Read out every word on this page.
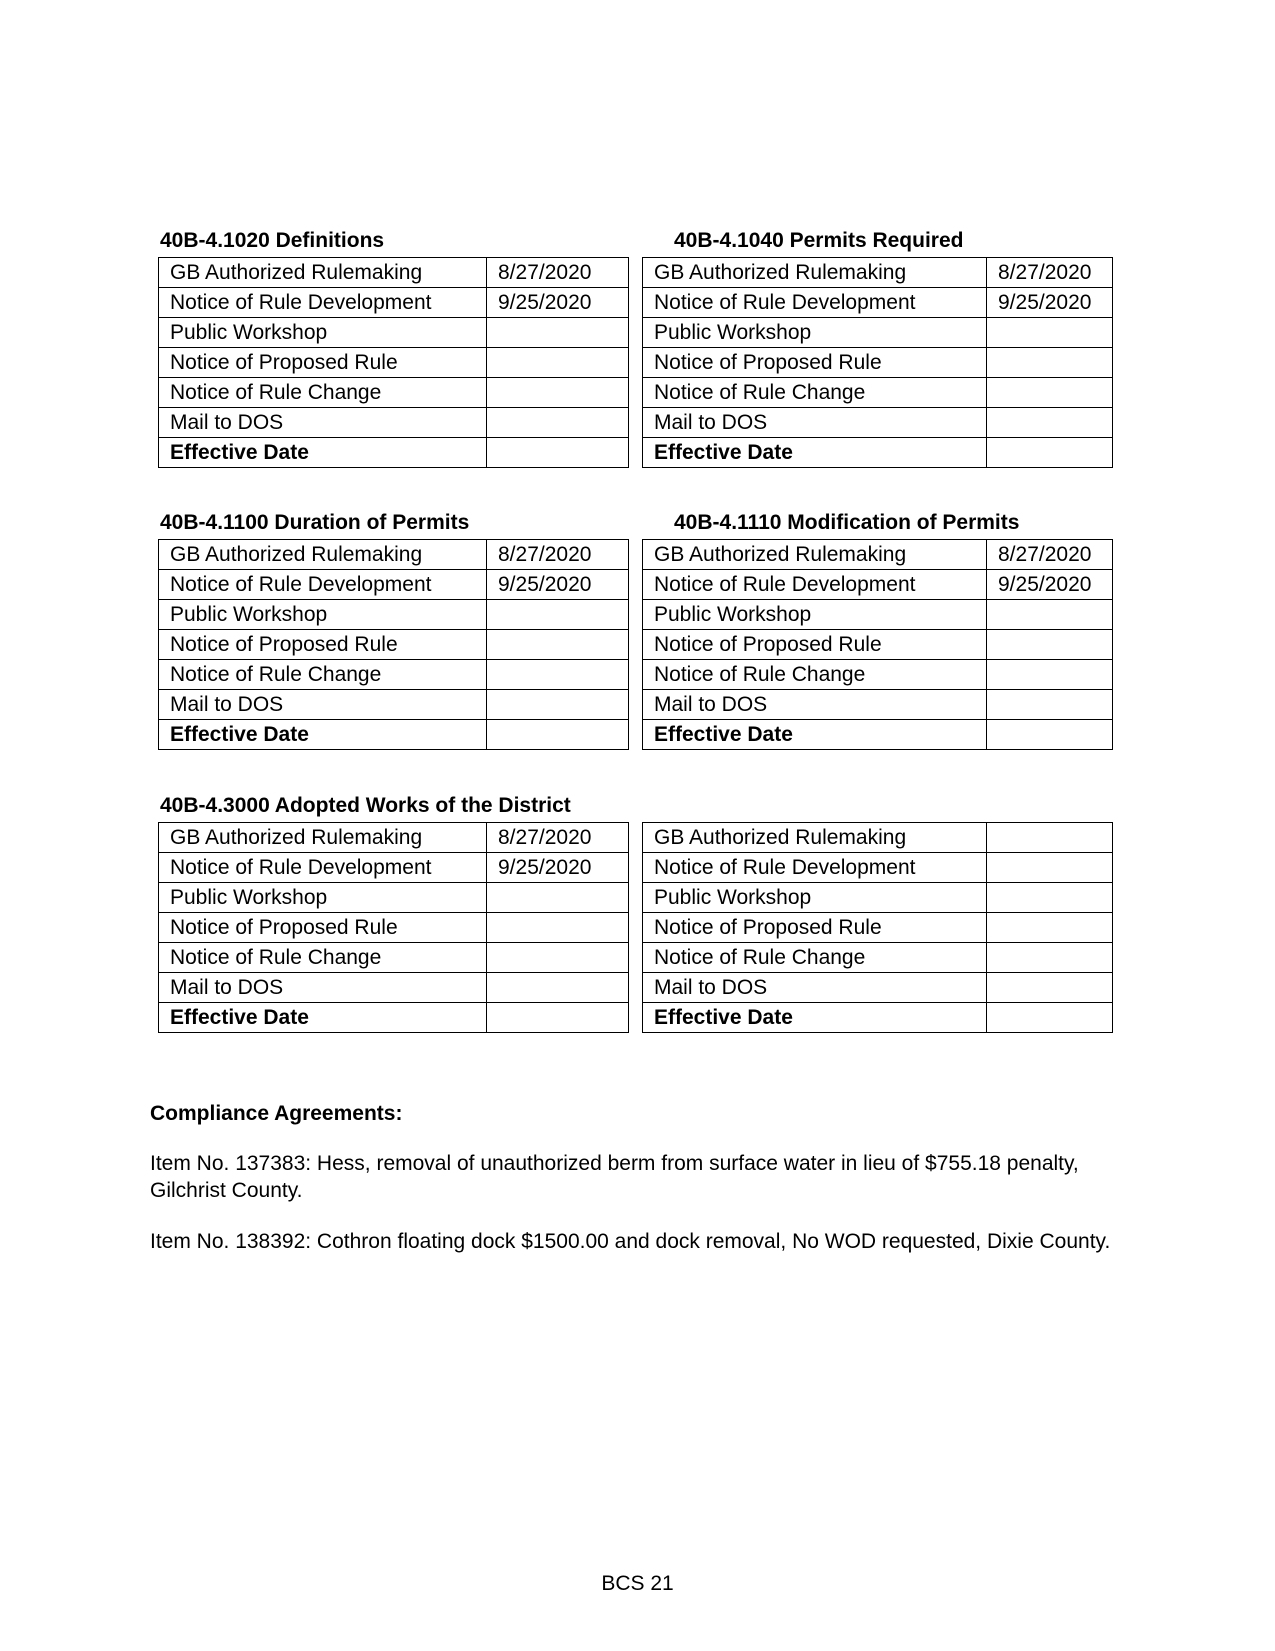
40B-4.1020 Definitions
GB Authorized Rulemaking	8/27/2020
Notice of Rule Development	9/25/2020
Public Workshop	
Notice of Proposed Rule	
Notice of Rule Change	
Mail to DOS	
Effective Date	
40B-4.1040 Permits Required
GB Authorized Rulemaking	8/27/2020
Notice of Rule Development	9/25/2020
Public Workshop	
Notice of Proposed Rule	
Notice of Rule Change	
Mail to DOS	
Effective Date	
40B-4.1100 Duration of Permits
GB Authorized Rulemaking	8/27/2020
Notice of Rule Development	9/25/2020
Public Workshop	
Notice of Proposed Rule	
Notice of Rule Change	
Mail to DOS	
Effective Date	
40B-4.1110 Modification of Permits
GB Authorized Rulemaking	8/27/2020
Notice of Rule Development	9/25/2020
Public Workshop	
Notice of Proposed Rule	
Notice of Rule Change	
Mail to DOS	
Effective Date	
40B-4.3000 Adopted Works of the District
GB Authorized Rulemaking	8/27/2020
Notice of Rule Development	9/25/2020
Public Workshop	
Notice of Proposed Rule	
Notice of Rule Change	
Mail to DOS	
Effective Date	
GB Authorized Rulemaking	
Notice of Rule Development	
Public Workshop	
Notice of Proposed Rule	
Notice of Rule Change	
Mail to DOS	
Effective Date	
Compliance Agreements:
Item No. 137383: Hess, removal of unauthorized berm from surface water in lieu of $755.18 penalty, Gilchrist County.
Item No. 138392: Cothron floating dock $1500.00 and dock removal, No WOD requested, Dixie County.
BCS 21
